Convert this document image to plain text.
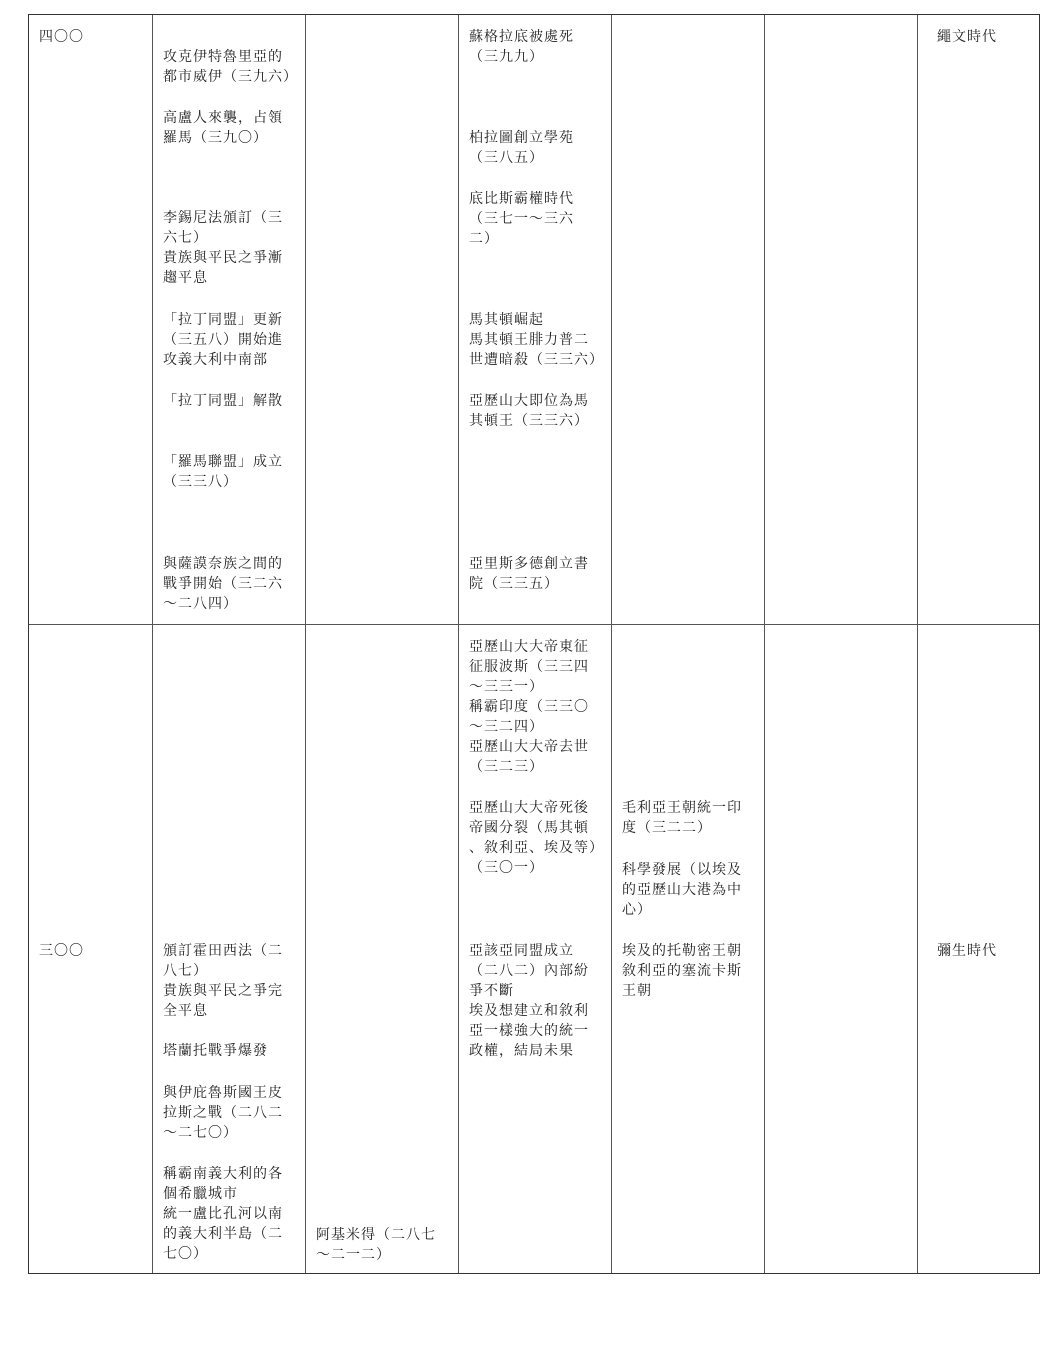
四〇〇	繩文時代

攻克伊特魯里亞的
都市威伊（三九六）

高盧人來襲，占領
羅馬（三九〇）

李錫尼法頒訂（三
六七）
貴族與平民之爭漸
趨平息

「拉丁同盟」更新
（三五八）開始進
攻義大利中南部

「拉丁同盟」解散

「羅馬聯盟」成立
（三三八）

與薩謨奈族之間的
戰爭開始（三二六
～二八四）

蘇格拉底被處死
（三九九）

柏拉圖創立學苑
（三八五）

底比斯霸權時代
（三七一～三六
二）

馬其頓崛起
馬其頓王腓力普二
世遭暗殺（三三六）

亞歷山大即位為馬
其頓王（三三六）

亞里斯多德創立書
院（三三五）

三〇〇	彌生時代

頒訂霍田西法（二
八七）
貴族與平民之爭完
全平息

塔蘭托戰爭爆發

與伊庇魯斯國王皮
拉斯之戰（二八二
～二七〇）

稱霸南義大利的各
個希臘城市
統一盧比孔河以南
的義大利半島（二
七〇）

阿基米得（二八七
～二一二）

亞歷山大大帝東征
征服波斯（三三四
～三三一）
稱霸印度（三三〇
～三二四）
亞歷山大大帝去世
（三二三）

亞歷山大大帝死後
帝國分裂（馬其頓
、敘利亞、埃及等）
（三〇一）

亞該亞同盟成立
（二八二）內部紛
爭不斷
埃及想建立和敘利
亞一樣強大的統一
政權，結局未果

毛利亞王朝統一印
度（三二二）

科學發展（以埃及
的亞歷山大港為中
心）

埃及的托勒密王朝
敘利亞的塞流卡斯
王朝
